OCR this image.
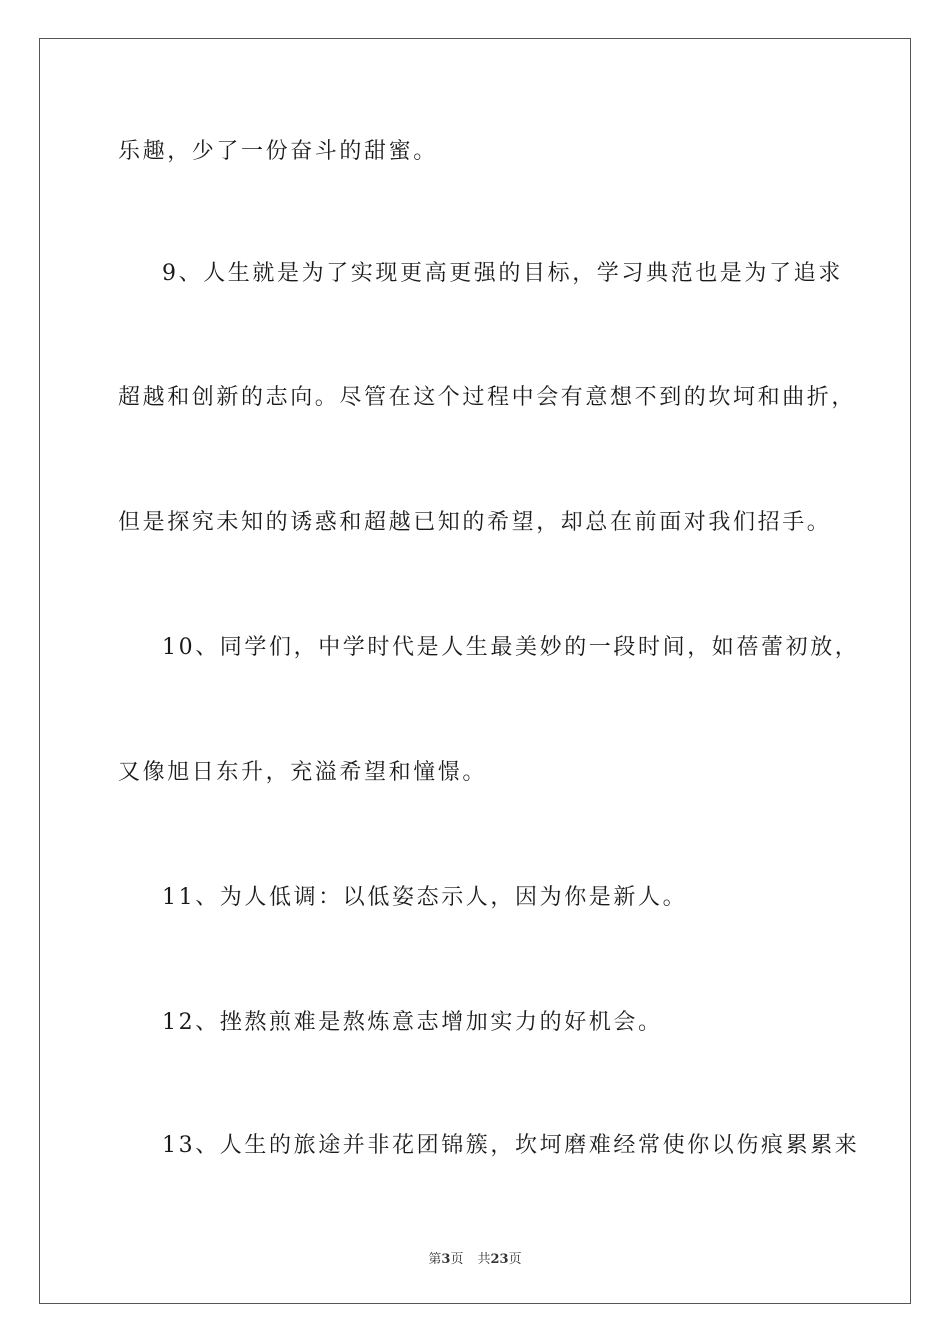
乐趣，少了一份奋斗的甜蜜。
9、人生就是为了实现更高更强的目标，学习典范也是为了追求
超越和创新的志向。尽管在这个过程中会有意想不到的坎坷和曲折，
但是探究未知的诱惑和超越已知的希望，却总在前面对我们招手。
10、同学们，中学时代是人生最美妙的一段时间，如蓓蕾初放，
又像旭日东升，充溢希望和憧憬。
11、为人低调：以低姿态示人，因为你是新人。
12、挫熬煎难是熬炼意志增加实力的好机会。
13、人生的旅途并非花团锦簇，坎坷磨难经常使你以伤痕累累来
第3页 共23页
